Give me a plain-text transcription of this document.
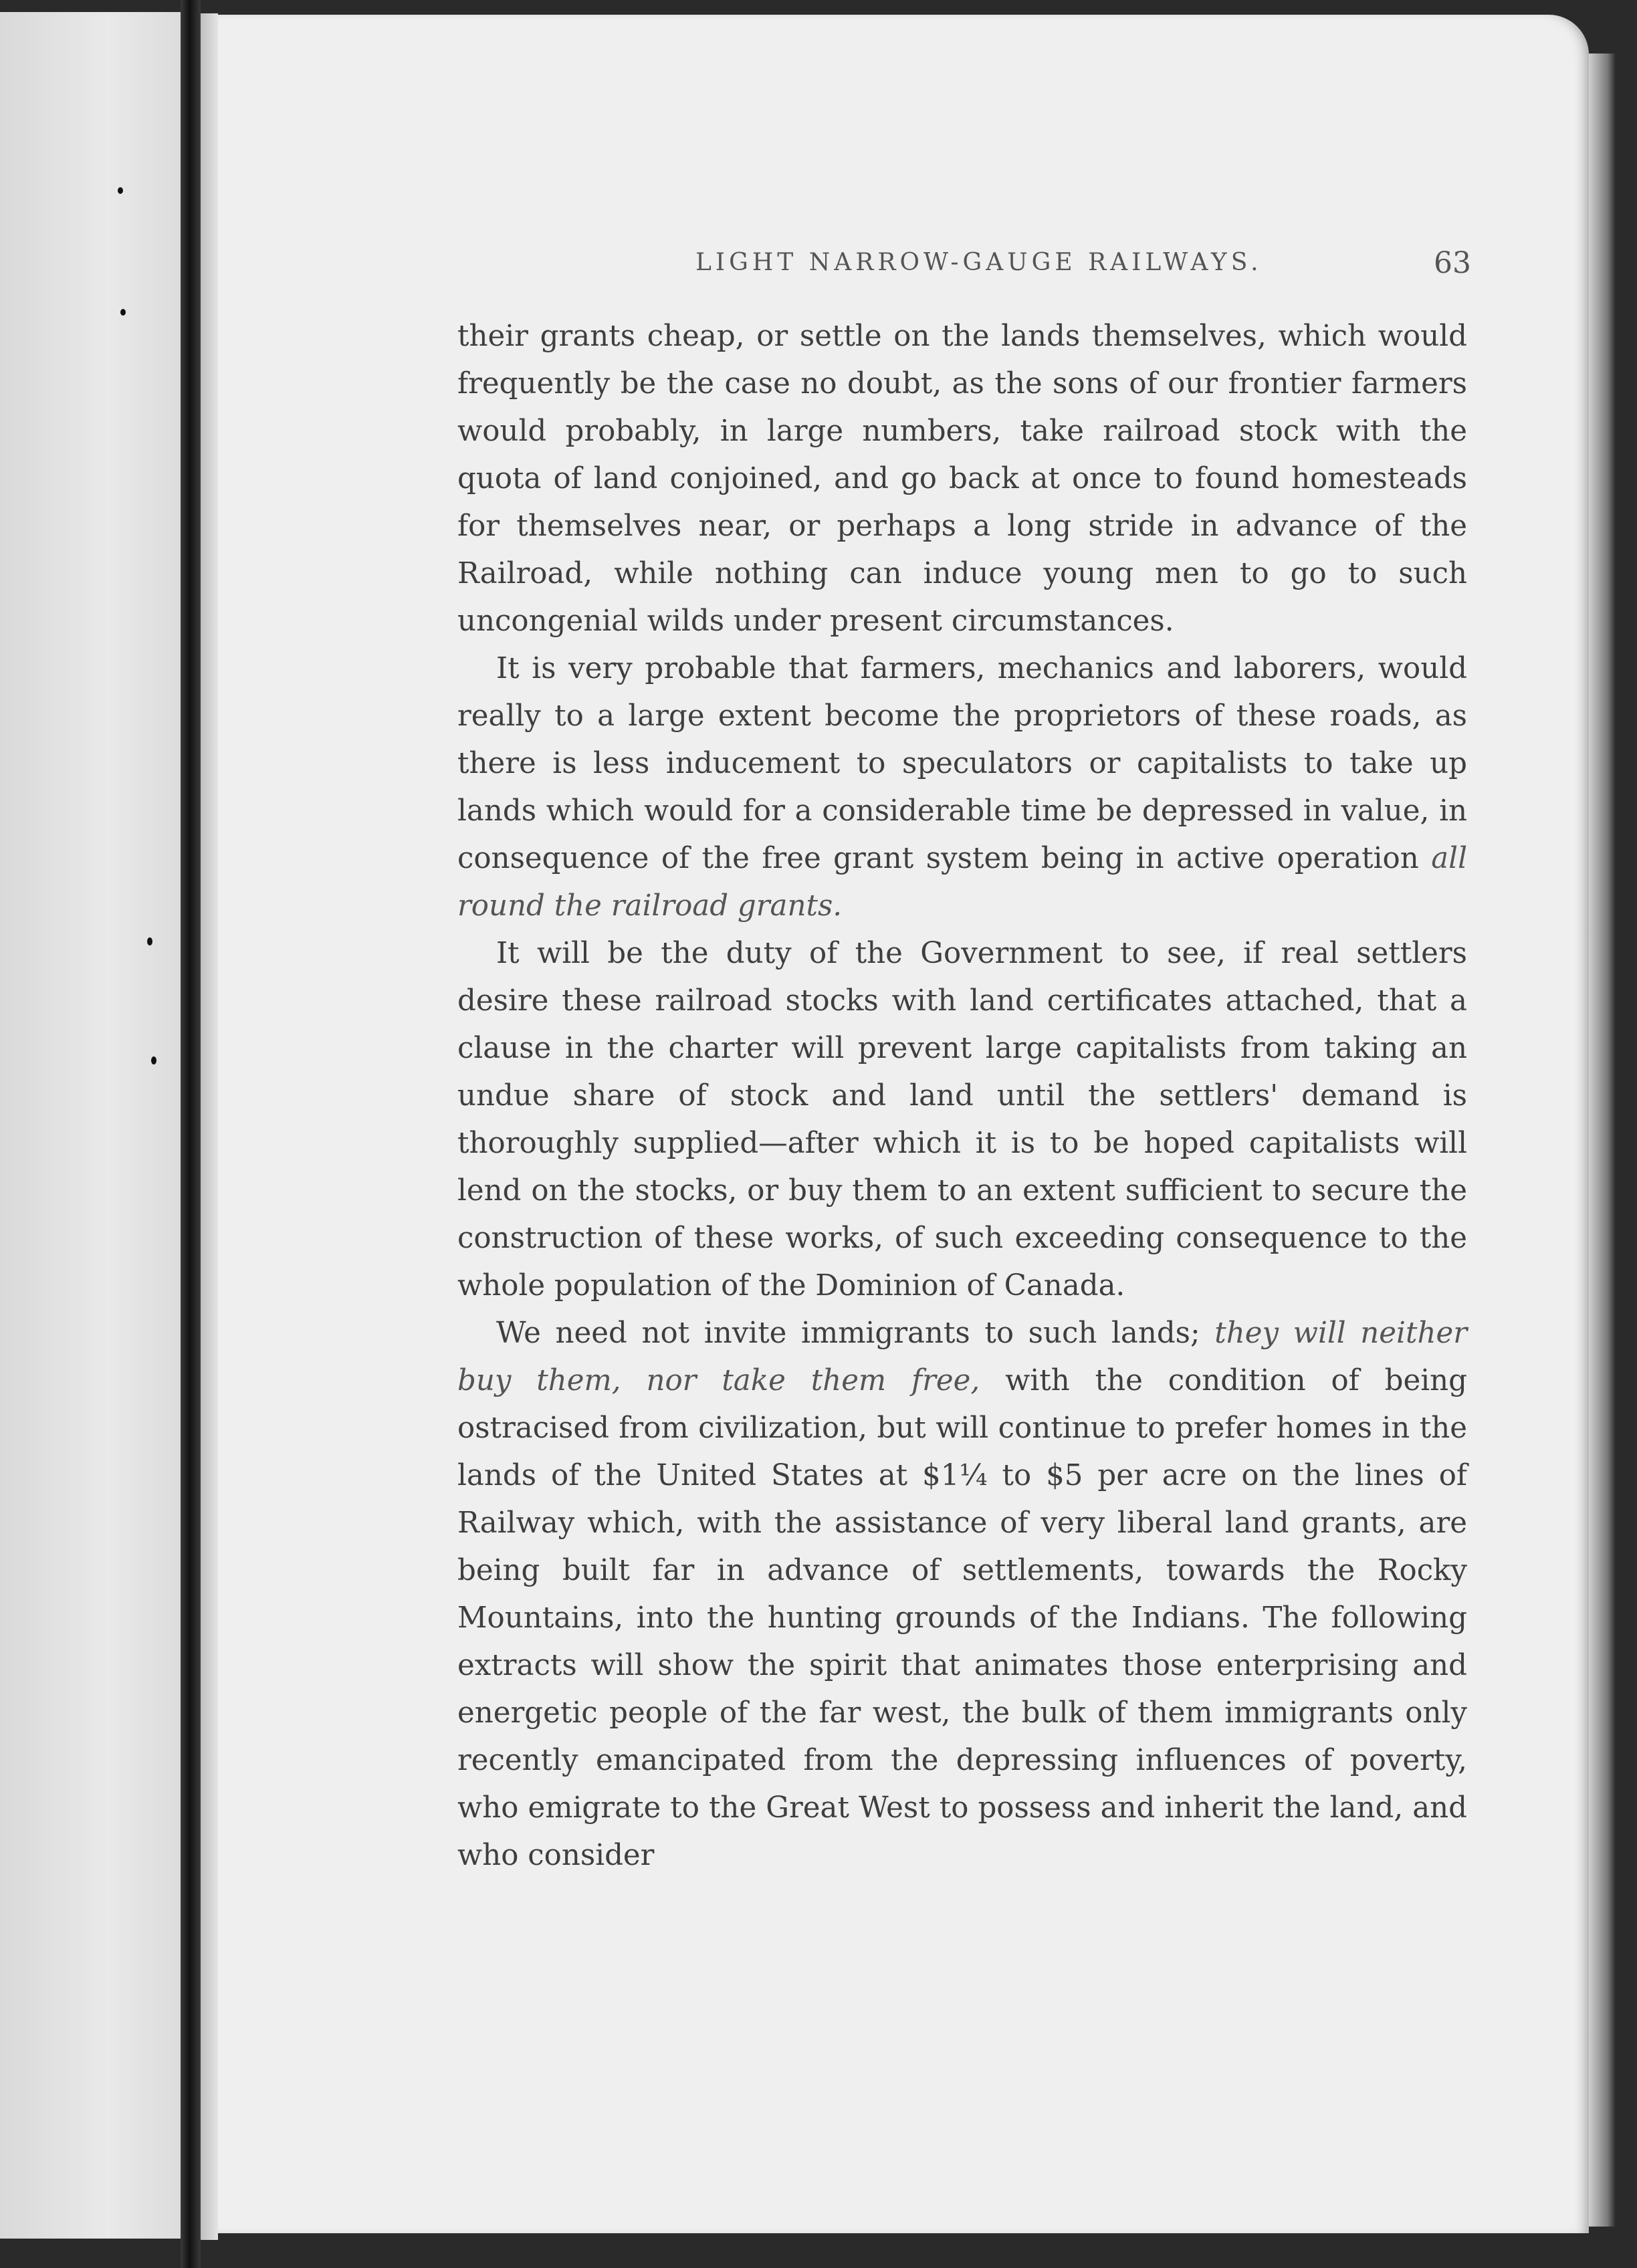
LIGHT NARROW-GAUGE RAILWAYS.	63

their grants cheap, or settle on the lands themselves, which would frequently be the case no doubt, as the sons of our frontier farmers would probably, in large numbers, take railroad stock with the quota of land conjoined, and go back at once to found homesteads for themselves near, or perhaps a long stride in advance of the Railroad, while nothing can induce young men to go to such uncongenial wilds under present circumstances.

It is very probable that farmers, mechanics and laborers, would really to a large extent become the proprietors of these roads, as there is less inducement to speculators or capitalists to take up lands which would for a considerable time be depressed in value, in consequence of the free grant system being in active operation all round the railroad grants.

It will be the duty of the Government to see, if real settlers desire these railroad stocks with land certificates attached, that a clause in the charter will prevent large capitalists from taking an undue share of stock and land until the settlers' demand is thoroughly supplied—after which it is to be hoped capitalists will lend on the stocks, or buy them to an extent sufficient to secure the construction of these works, of such exceeding consequence to the whole population of the Dominion of Canada.

We need not invite immigrants to such lands; they will neither buy them, nor take them free, with the condition of being ostracised from civilization, but will continue to prefer homes in the lands of the United States at $1¼ to $5 per acre on the lines of Railway which, with the assistance of very liberal land grants, are being built far in advance of settlements, towards the Rocky Mountains, into the hunting grounds of the Indians. The following extracts will show the spirit that animates those enterprising and energetic people of the far west, the bulk of them immigrants only recently emancipated from the depressing influences of poverty, who emigrate to the Great West to possess and inherit the land, and who consider
